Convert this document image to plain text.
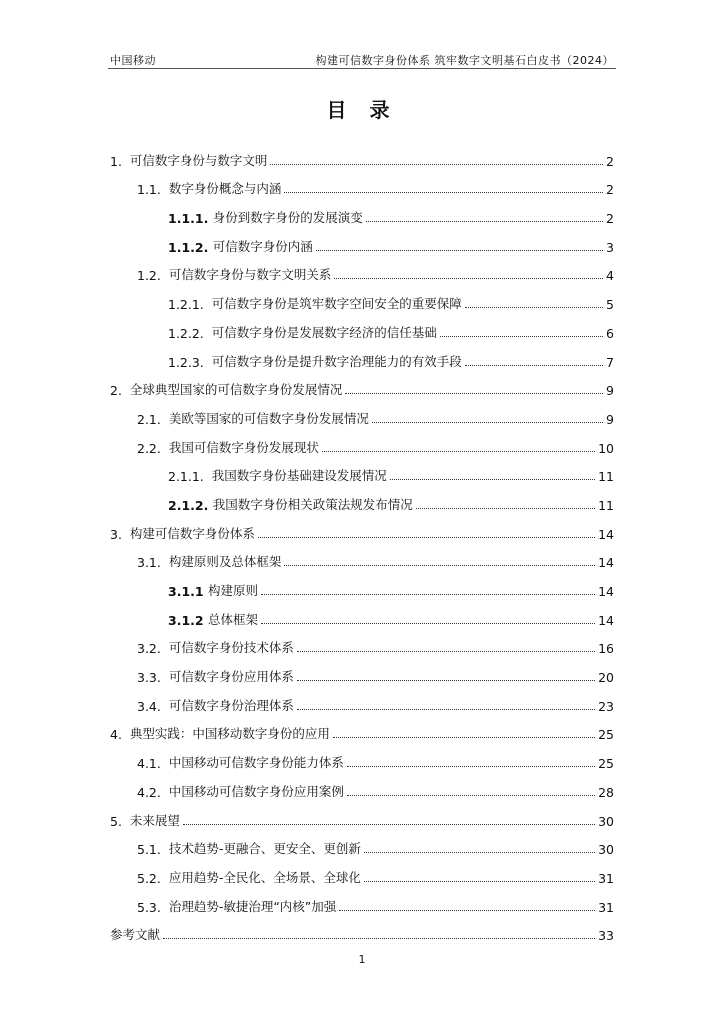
中国移动	构建可信数字身份体系 筑牢数字文明基石白皮书（2024）
目 录
1. 可信数字身份与数字文明	2
1.1. 数字身份概念与内涵	2
1.1.1. 身份到数字身份的发展演变	2
1.1.2. 可信数字身份内涵	3
1.2. 可信数字身份与数字文明关系	4
1.2.1. 可信数字身份是筑牢数字空间安全的重要保障	5
1.2.2. 可信数字身份是发展数字经济的信任基础	6
1.2.3. 可信数字身份是提升数字治理能力的有效手段	7
2. 全球典型国家的可信数字身份发展情况	9
2.1. 美欧等国家的可信数字身份发展情况	9
2.2. 我国可信数字身份发展现状	10
2.1.1. 我国数字身份基础建设发展情况	11
2.1.2. 我国数字身份相关政策法规发布情况	11
3. 构建可信数字身份体系	14
3.1. 构建原则及总体框架	14
3.1.1 构建原则	14
3.1.2 总体框架	14
3.2. 可信数字身份技术体系	16
3.3. 可信数字身份应用体系	20
3.4. 可信数字身份治理体系	23
4. 典型实践：中国移动数字身份的应用	25
4.1. 中国移动可信数字身份能力体系	25
4.2. 中国移动可信数字身份应用案例	28
5. 未来展望	30
5.1. 技术趋势-更融合、更安全、更创新	30
5.2. 应用趋势-全民化、全场景、全球化	31
5.3. 治理趋势-敏捷治理“内核”加强	31
参考文献	33
1
